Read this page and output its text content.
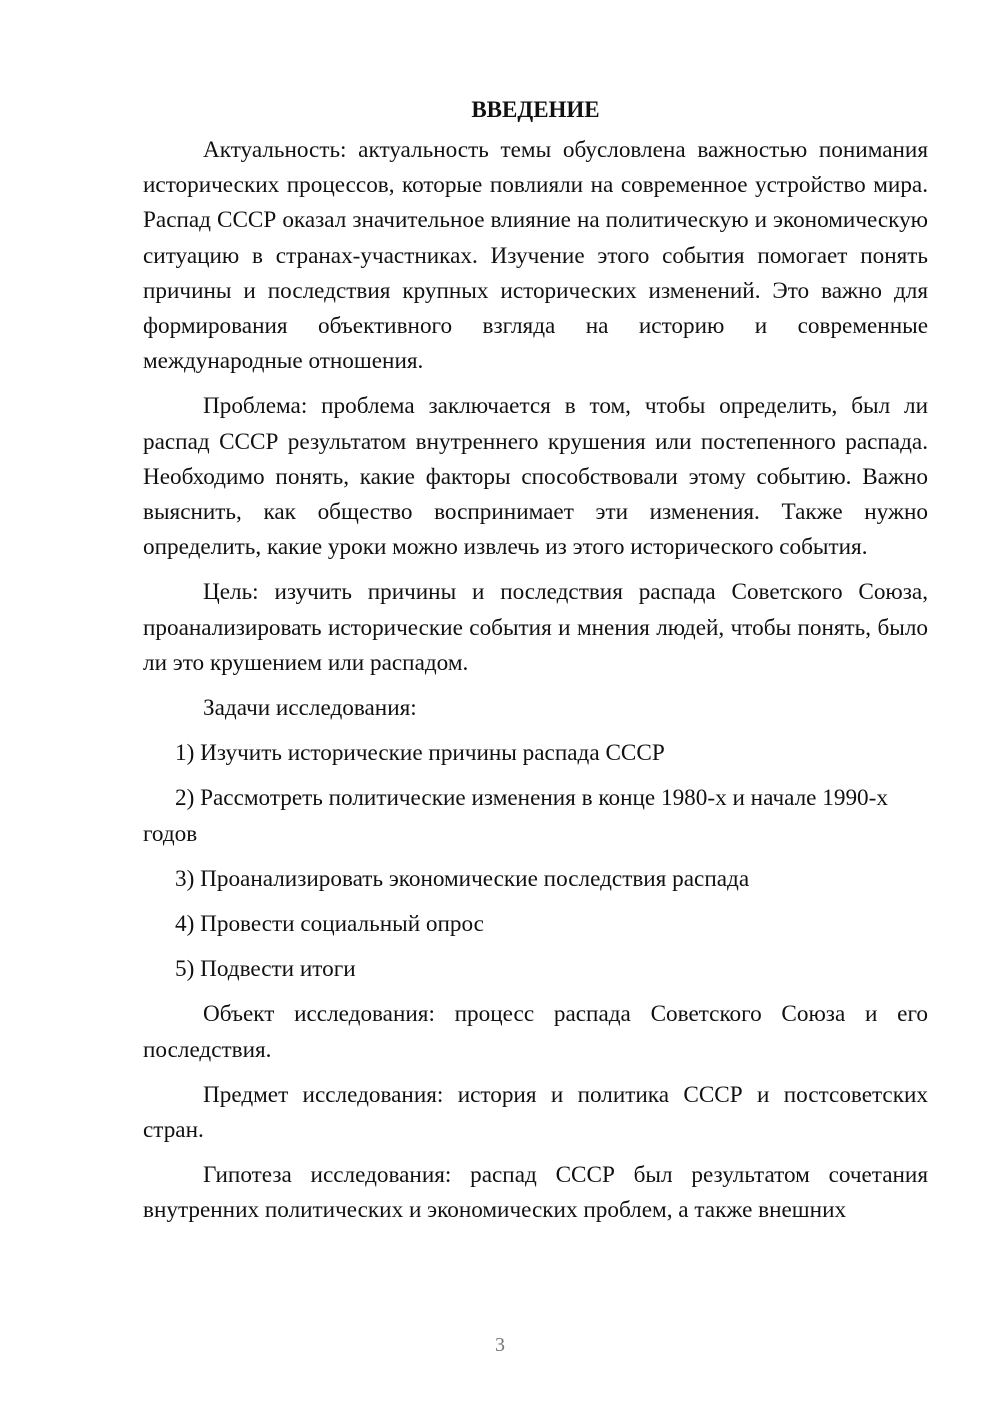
ВВЕДЕНИЕ

Актуальность: актуальность темы обусловлена важностью понимания исторических процессов, которые повлияли на современное устройство мира. Распад СССР оказал значительное влияние на политическую и экономическую ситуацию в странах-участниках. Изучение этого события помогает понять причины и последствия крупных исторических изменений. Это важно для формирования объективного взгляда на историю и современные международные отношения.

Проблема: проблема заключается в том, чтобы определить, был ли распад СССР результатом внутреннего крушения или постепенного распада. Необходимо понять, какие факторы способствовали этому событию. Важно выяснить, как общество воспринимает эти изменения. Также нужно определить, какие уроки можно извлечь из этого исторического события.

Цель: изучить причины и последствия распада Советского Союза, проанализировать исторические события и мнения людей, чтобы понять, было ли это крушением или распадом.

Задачи исследования:

1) Изучить исторические причины распада СССР

2) Рассмотреть политические изменения в конце 1980-х и начале 1990-х годов

3) Проанализировать экономические последствия распада

4) Провести социальный опрос

5) Подвести итоги

Объект исследования: процесс распада Советского Союза и его последствия.

Предмет исследования: история и политика СССР и постсоветских стран.

Гипотеза исследования: распад СССР был результатом сочетания внутренних политических и экономических проблем, а также внешних

3
